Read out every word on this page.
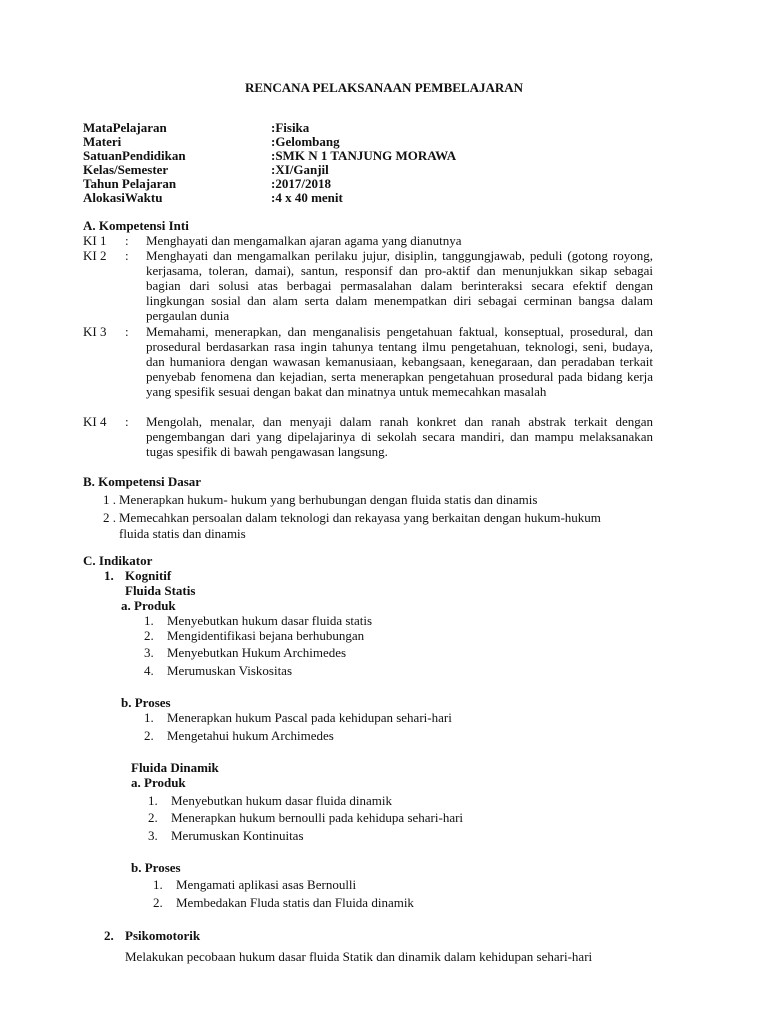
RENCANA PELAKSANAAN PEMBELAJARAN
MataPelajaran	:Fisika
Materi	:Gelombang
SatuanPendidikan	:SMK N 1 TANJUNG MORAWA
Kelas/Semester	:XI/Ganjil
Tahun Pelajaran	:2017/2018
AlokasiWaktu	:4 x 40 menit
A. Kompetensi Inti
KI 1 : Menghayati dan mengamalkan ajaran agama yang dianutnya
KI 2 : Menghayati dan mengamalkan perilaku jujur, disiplin, tanggungjawab, peduli (gotong royong, kerjasama, toleran, damai), santun, responsif dan pro-aktif dan menunjukkan sikap sebagai bagian dari solusi atas berbagai permasalahan dalam berinteraksi secara efektif dengan lingkungan sosial dan alam serta dalam menempatkan diri sebagai cerminan bangsa dalam pergaulan dunia
KI 3 : Memahami, menerapkan, dan menganalisis pengetahuan faktual, konseptual, prosedural, dan prosedural berdasarkan rasa ingin tahunya tentang ilmu pengetahuan, teknologi, seni, budaya, dan humaniora dengan wawasan kemanusiaan, kebangsaan, kenegaraan, dan peradaban terkait penyebab fenomena dan kejadian, serta menerapkan pengetahuan prosedural pada bidang kerja yang spesifik sesuai dengan bakat dan minatnya untuk memecahkan masalah
KI 4 : Mengolah, menalar, dan menyaji dalam ranah konkret dan ranah abstrak terkait dengan pengembangan dari yang dipelajarinya di sekolah secara mandiri, dan mampu melaksanakan tugas spesifik di bawah pengawasan langsung.
B. Kompetensi Dasar
1 . Menerapkan hukum- hukum yang berhubungan dengan fluida statis dan dinamis
2 . Memecahkan persoalan dalam teknologi dan rekayasa yang berkaitan dengan hukum-hukum
fluida statis dan dinamis
C. Indikator
1. Kognitif
Fluida Statis
a. Produk
1. Menyebutkan hukum dasar fluida statis
2. Mengidentifikasi bejana berhubungan
3. Menyebutkan Hukum Archimedes
4. Merumuskan Viskositas
b. Proses
1. Menerapkan hukum Pascal pada kehidupan sehari-hari
2. Mengetahui hukum Archimedes
Fluida Dinamik
a. Produk
1. Menyebutkan hukum dasar fluida dinamik
2. Menerapkan hukum bernoulli pada kehidupa sehari-hari
3. Merumuskan Kontinuitas
b. Proses
1. Mengamati aplikasi asas Bernoulli
2. Membedakan Fluda statis dan Fluida dinamik
2. Psikomotorik
Melakukan pecobaan hukum dasar fluida Statik dan dinamik dalam kehidupan sehari-hari
